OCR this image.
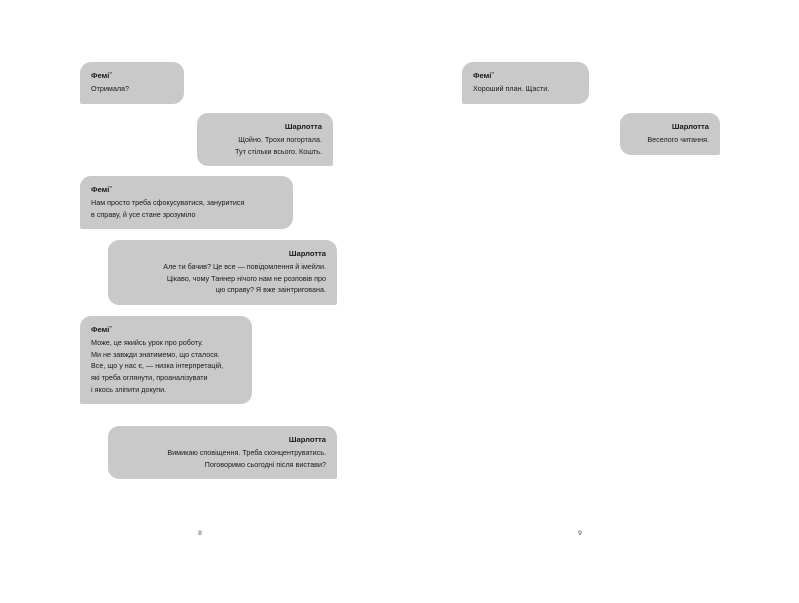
Феміˇ
Отримала?
Шарлотта
Щойно. Трохи погортала.
Тут стільки всього. Кошть.
Феміˇ
Нам просто треба сфокусуватися, зануритися
в справу, й усе стане зрозуміло
Шарлотта
Але ти бачив? Це все — повідомлення й імейли.
Цікаво, чому Таннер нічого нам не розповів про
цю справу? Я вже заінтригована.
Феміˇ
Може, це якийсь урок про роботу.
Ми не завжди знатимемо, що сталося.
Все, що у нас є, — низка інтерпретацій,
які треба оглянути, проаналізувати
і якось зліпити докупи.
Шарлотта
Вимикаю сповіщення. Треба сконцентруватись.
Поговоримо сьогодні після вистави?
8
Феміˇ
Хороший план. Щасти.
Шарлотта
Веселого читання.
9
